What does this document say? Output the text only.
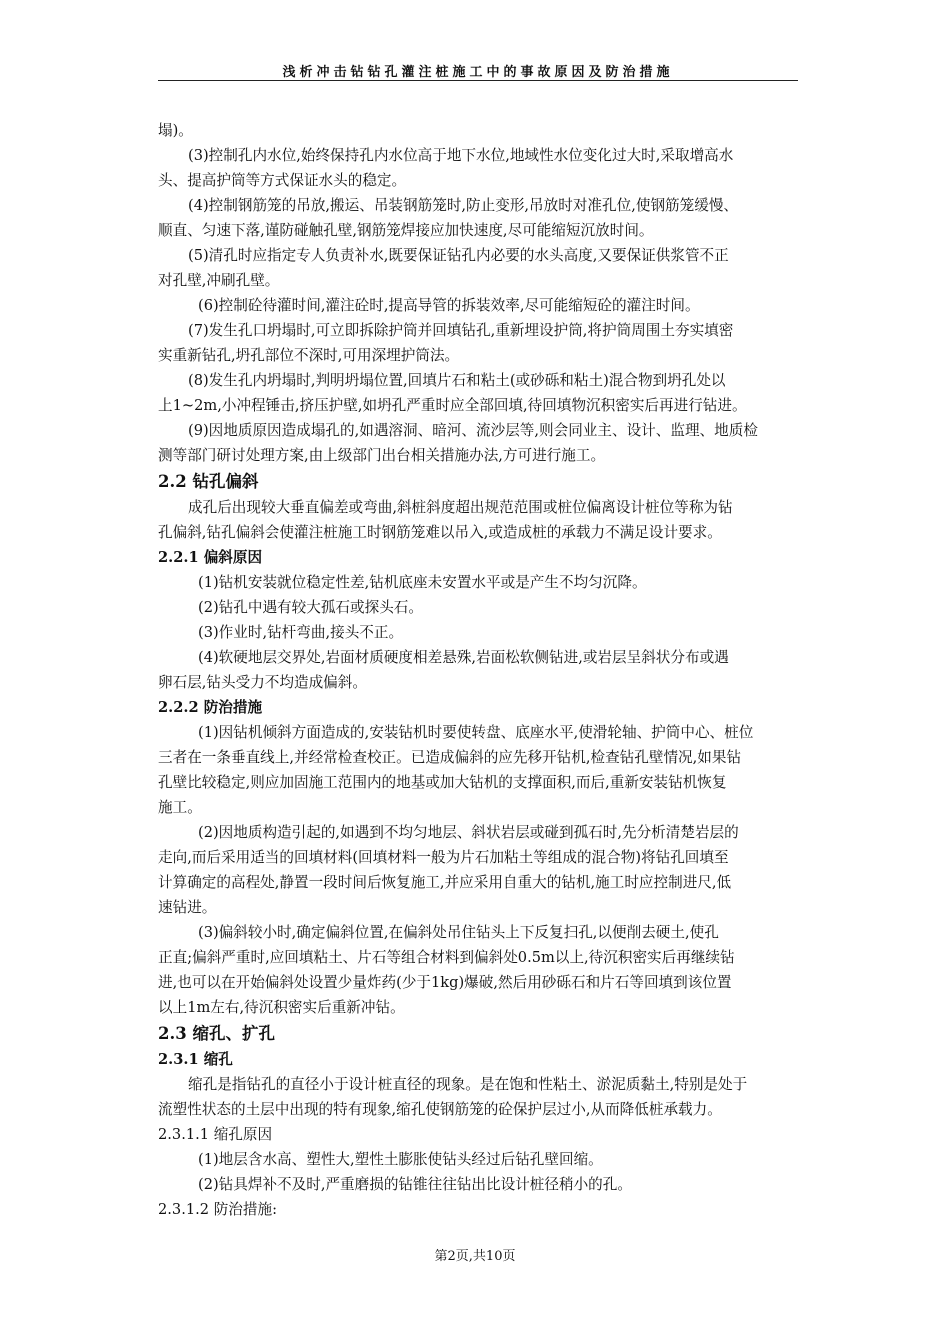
浅析冲击钻钻孔灌注桩施工中的事故原因及防治措施
塌)。
(3)控制孔内水位,始终保持孔内水位高于地下水位,地域性水位变化过大时,采取增高水
头、提高护筒等方式保证水头的稳定。
(4)控制钢筋笼的吊放,搬运、吊装钢筋笼时,防止变形,吊放时对准孔位,使钢筋笼缓慢、
顺直、匀速下落,谨防碰触孔壁,钢筋笼焊接应加快速度,尽可能缩短沉放时间。
(5)清孔时应指定专人负责补水,既要保证钻孔内必要的水头高度,又要保证供浆管不正
对孔壁,冲刷孔壁。
(6)控制砼待灌时间,灌注砼时,提高导管的拆装效率,尽可能缩短砼的灌注时间。
(7)发生孔口坍塌时,可立即拆除护筒并回填钻孔,重新埋设护筒,将护筒周围土夯实填密
实重新钻孔,坍孔部位不深时,可用深埋护筒法。
(8)发生孔内坍塌时,判明坍塌位置,回填片石和粘土(或砂砾和粘土)混合物到坍孔处以
上1~2m,小冲程锤击,挤压护壁,如坍孔严重时应全部回填,待回填物沉积密实后再进行钻进。
(9)因地质原因造成塌孔的,如遇溶洞、暗河、流沙层等,则会同业主、设计、监理、地质检
测等部门研讨处理方案,由上级部门出台相关措施办法,方可进行施工。
2.2 钻孔偏斜
成孔后出现较大垂直偏差或弯曲,斜桩斜度超出规范范围或桩位偏离设计桩位等称为钻
孔偏斜,钻孔偏斜会使灌注桩施工时钢筋笼难以吊入,或造成桩的承载力不满足设计要求。
2.2.1 偏斜原因
(1)钻机安装就位稳定性差,钻机底座未安置水平或是产生不均匀沉降。
(2)钻孔中遇有较大孤石或探头石。
(3)作业时,钻杆弯曲,接头不正。
(4)软硬地层交界处,岩面材质硬度相差悬殊,岩面松软侧钻进,或岩层呈斜状分布或遇
卵石层,钻头受力不均造成偏斜。
2.2.2 防治措施
(1)因钻机倾斜方面造成的,安装钻机时要使转盘、底座水平,使滑轮轴、护筒中心、桩位
三者在一条垂直线上,并经常检查校正。已造成偏斜的应先移开钻机,检查钻孔壁情况,如果钻
孔壁比较稳定,则应加固施工范围内的地基或加大钻机的支撑面积,而后,重新安装钻机恢复
施工。
(2)因地质构造引起的,如遇到不均匀地层、斜状岩层或碰到孤石时,先分析清楚岩层的
走向,而后采用适当的回填材料(回填材料一般为片石加粘土等组成的混合物)将钻孔回填至
计算确定的高程处,静置一段时间后恢复施工,并应采用自重大的钻机,施工时应控制进尺,低
速钻进。
(3)偏斜较小时,确定偏斜位置,在偏斜处吊住钻头上下反复扫孔,以便削去硬土,使孔
正直;偏斜严重时,应回填粘土、片石等组合材料到偏斜处0.5m以上,待沉积密实后再继续钻
进,也可以在开始偏斜处设置少量炸药(少于1kg)爆破,然后用砂砾石和片石等回填到该位置
以上1m左右,待沉积密实后重新冲钻。
2.3 缩孔、扩孔
2.3.1 缩孔
缩孔是指钻孔的直径小于设计桩直径的现象。是在饱和性粘土、淤泥质黏土,特别是处于
流塑性状态的土层中出现的特有现象,缩孔使钢筋笼的砼保护层过小,从而降低桩承载力。
2.3.1.1 缩孔原因
(1)地层含水高、塑性大,塑性土膨胀使钻头经过后钻孔壁回缩。
(2)钻具焊补不及时,严重磨损的钻锥往往钻出比设计桩径稍小的孔。
2.3.1.2 防治措施:
第2页,共10页
